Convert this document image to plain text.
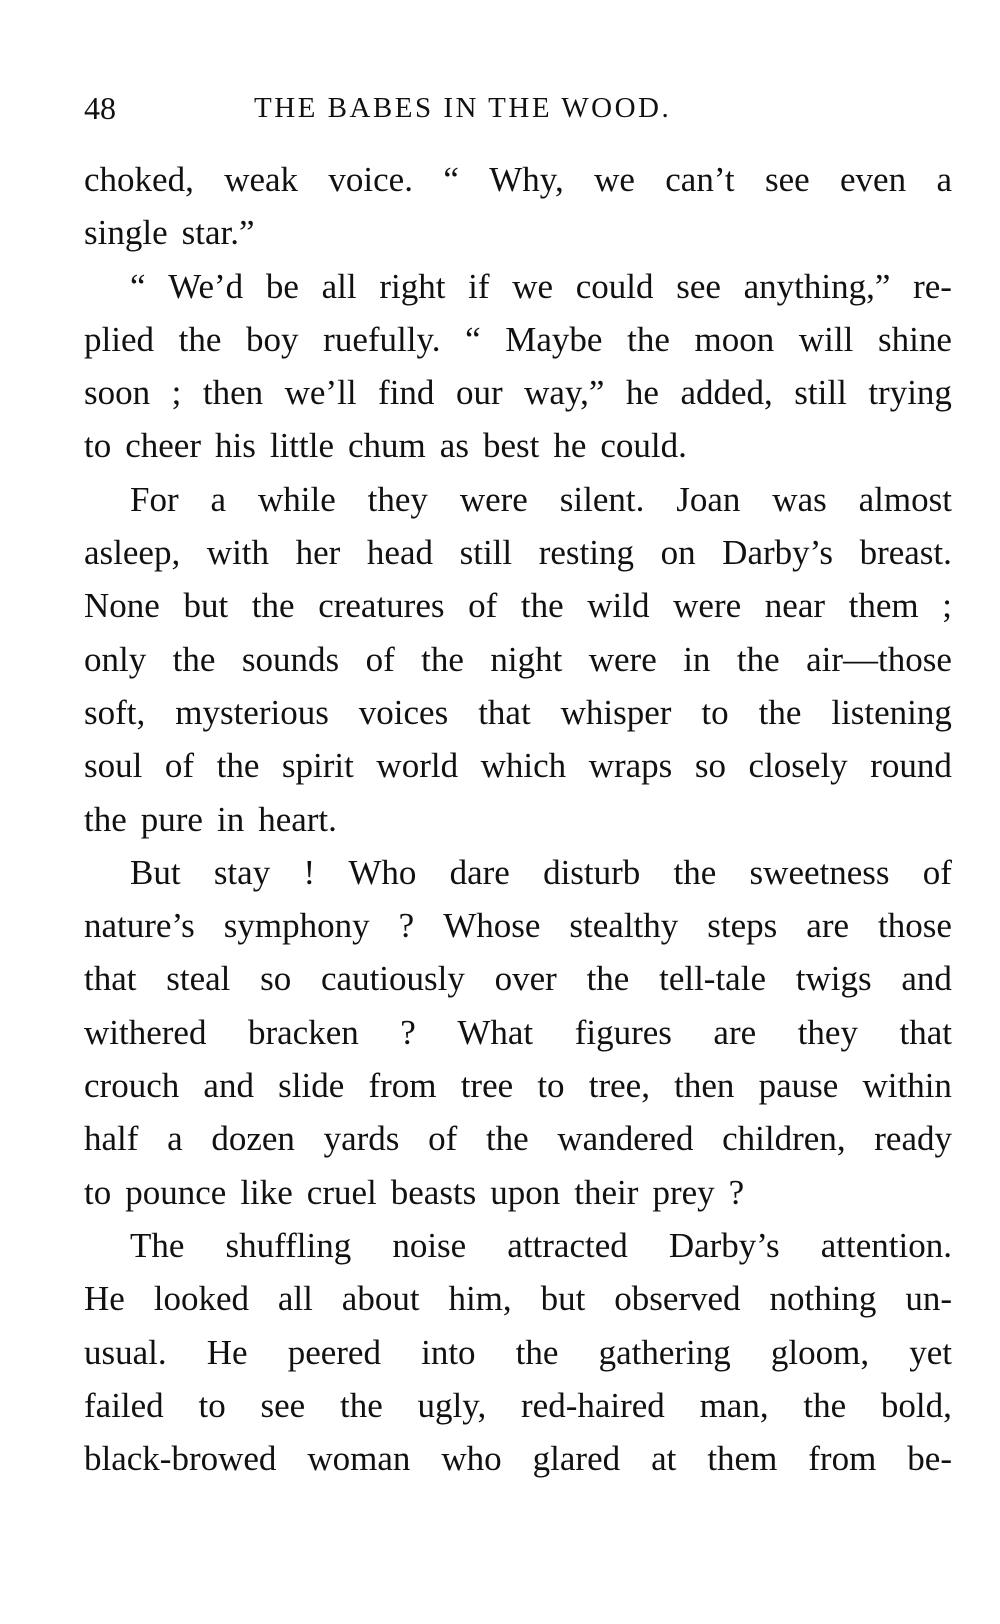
48	THE BABES IN THE WOOD.
choked, weak voice. “ Why, we can’t see even a
single star.”
“ We’d be all right if we could see anything,” re-
plied the boy ruefully. “ Maybe the moon will shine
soon ; then we’ll find our way,” he added, still trying
to cheer his little chum as best he could.
For a while they were silent. Joan was almost
asleep, with her head still resting on Darby’s breast.
None but the creatures of the wild were near them ;
only the sounds of the night were in the air—those
soft, mysterious voices that whisper to the listening
soul of the spirit world which wraps so closely round
the pure in heart.
But stay ! Who dare disturb the sweetness of
nature’s symphony ? Whose stealthy steps are those
that steal so cautiously over the tell-tale twigs and
withered bracken ? What figures are they that
crouch and slide from tree to tree, then pause within
half a dozen yards of the wandered children, ready
to pounce like cruel beasts upon their prey ?
The shuffling noise attracted Darby’s attention.
He looked all about him, but observed nothing un-
usual. He peered into the gathering gloom, yet
failed to see the ugly, red-haired man, the bold,
black-browed woman who glared at them from be-
